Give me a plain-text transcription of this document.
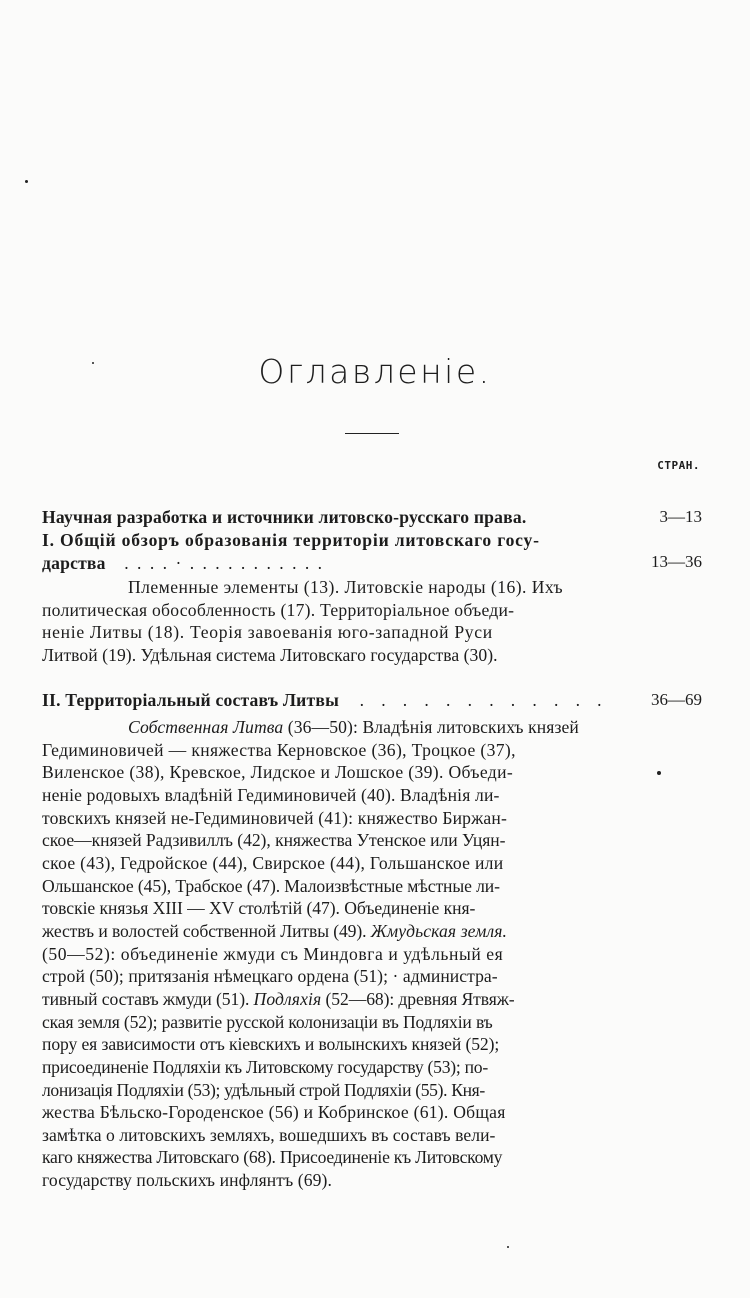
Оглавленіе.
СТРАН.
Научная разработка и источники литовско-русскаго права.	3—13
I. Общій обзоръ образованія территоріи литовскаго госу-
дарства . . . . · . . . . . . . . . . .	13—36
Племенные элементы (13). Литовскіе народы (16). Ихъ
политическая обособленность (17). Территоріальное объеди-
неніе Литвы (18). Теорія завоеванія юго-западной Руси
Литвой (19). Удѣльная система Литовскаго государства (30).
II. Территоріальный составъ Литвы . . . . . . . . . . . .	36—69
Собственная Литва (36—50): Владѣнія литовскихъ князей
Гедиминовичей — княжества Керновское (36), Троцкое (37),
Виленское (38), Кревское, Лидское и Лошское (39). Объеди-
неніе родовыхъ владѣній Гедиминовичей (40). Владѣнія ли-
товскихъ князей не-Гедиминовичей (41): княжество Биржан-
ское—князей Радзивиллъ (42), княжества Утенское или Уцян-
ское (43), Гедройское (44), Свирское (44), Гольшанское или
Ольшанское (45), Трабское (47). Малоизвѣстные мѣстные ли-
товскіе князья XIII — XV столѣтій (47). Объединеніе кня-
жествъ и волостей собственной Литвы (49). Жмудьская земля.
(50—52): объединеніе жмуди съ Миндовга и удѣльный ея
строй (50); притязанія нѣмецкаго ордена (51); · администра-
тивный составъ жмуди (51). Подляхія (52—68): древняя Ятвяж-
ская земля (52); развитіе русской колонизаціи въ Подляхіи въ
пору ея зависимости отъ кіевскихъ и волынскихъ князей (52);
присоединеніе Подляхіи къ Литовскому государству (53); по-
лонизація Подляхіи (53); удѣльный строй Подляхіи (55). Кня-
жества Бѣльско-Городенское (56) и Кобринское (61). Общая
замѣтка о литовскихъ земляхъ, вошедшихъ въ составъ вели-
каго княжества Литовскаго (68). Присоединеніе къ Литовскому
государству польскихъ инфлянтъ (69).
